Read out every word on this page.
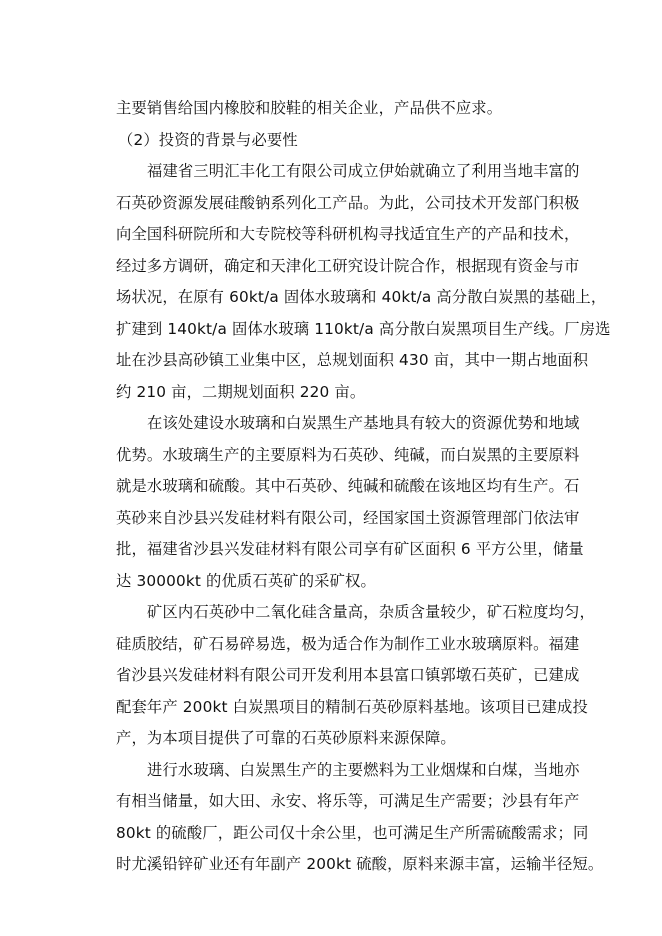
主要销售给国内橡胶和胶鞋的相关企业，产品供不应求。
（2）投资的背景与必要性
福建省三明汇丰化工有限公司成立伊始就确立了利用当地丰富的
石英砂资源发展硅酸钠系列化工产品。为此，公司技术开发部门积极
向全国科研院所和大专院校等科研机构寻找适宜生产的产品和技术，
经过多方调研，确定和天津化工研究设计院合作，根据现有资金与市
场状况，在原有 60kt/a 固体水玻璃和 40kt/a 高分散白炭黑的基础上，
扩建到 140kt/a 固体水玻璃 110kt/a 高分散白炭黑项目生产线。厂房选
址在沙县高砂镇工业集中区，总规划面积 430 亩，其中一期占地面积
约 210 亩，二期规划面积 220 亩。
在该处建设水玻璃和白炭黑生产基地具有较大的资源优势和地域
优势。水玻璃生产的主要原料为石英砂、纯碱，而白炭黑的主要原料
就是水玻璃和硫酸。其中石英砂、纯碱和硫酸在该地区均有生产。石
英砂来自沙县兴发硅材料有限公司，经国家国土资源管理部门依法审
批，福建省沙县兴发硅材料有限公司享有矿区面积 6 平方公里，储量
达 30000kt 的优质石英矿的采矿权。
矿区内石英砂中二氧化硅含量高，杂质含量较少，矿石粒度均匀，
硅质胶结，矿石易碎易选，极为适合作为制作工业水玻璃原料。福建
省沙县兴发硅材料有限公司开发利用本县富口镇郭墩石英矿，已建成
配套年产 200kt 白炭黑项目的精制石英砂原料基地。该项目已建成投
产，为本项目提供了可靠的石英砂原料来源保障。
进行水玻璃、白炭黑生产的主要燃料为工业烟煤和白煤，当地亦
有相当储量，如大田、永安、将乐等，可满足生产需要；沙县有年产
80kt 的硫酸厂，距公司仅十余公里，也可满足生产所需硫酸需求；同
时尤溪铅锌矿业还有年副产 200kt 硫酸，原料来源丰富，运输半径短。
